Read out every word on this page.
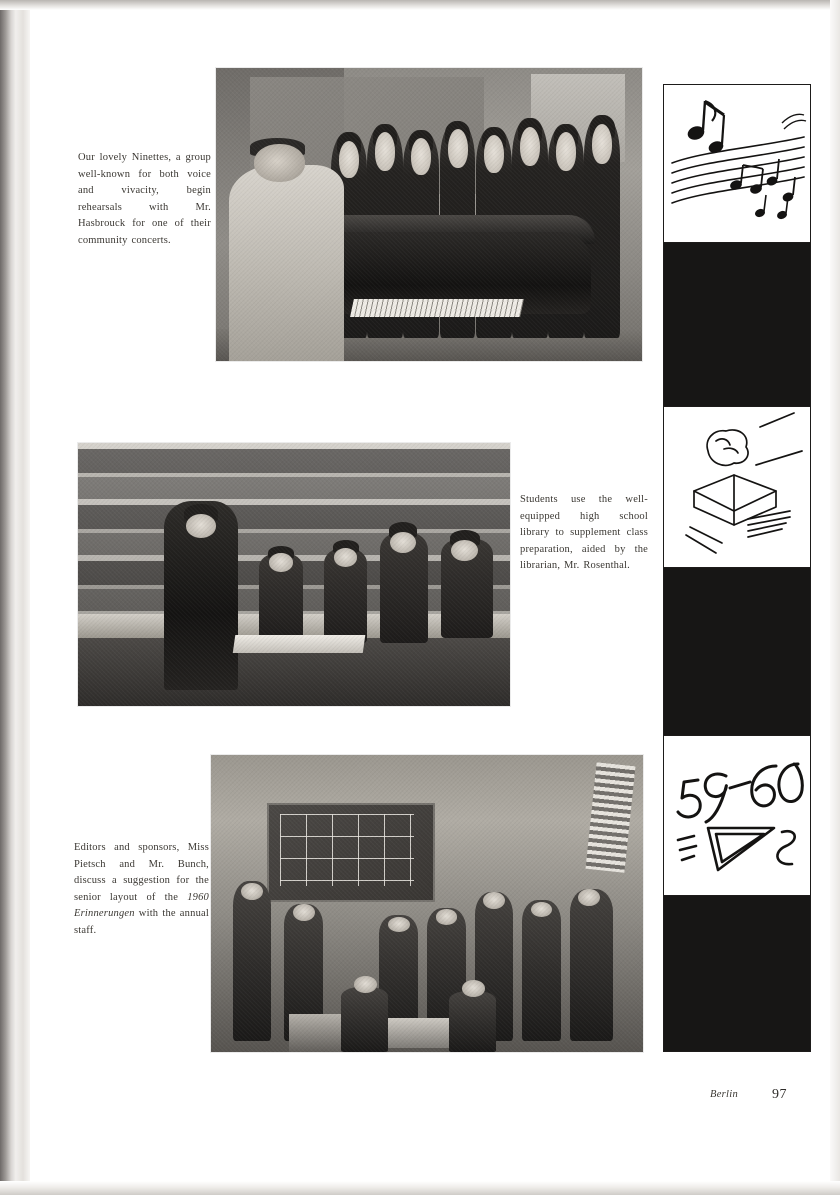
Our lovely Ninettes, a group well-known for both voice and vivacity, begin rehearsals with Mr. Hasbrouck for one of their community concerts.
Students use the well-equipped high school library to supplement class preparation, aided by the librarian, Mr. Rosenthal.
Editors and sponsors, Miss Pietsch and Mr. Bunch, discuss a suggestion for the senior layout of the 1960 Erinnerungen with the annual staff.
Berlin 97
